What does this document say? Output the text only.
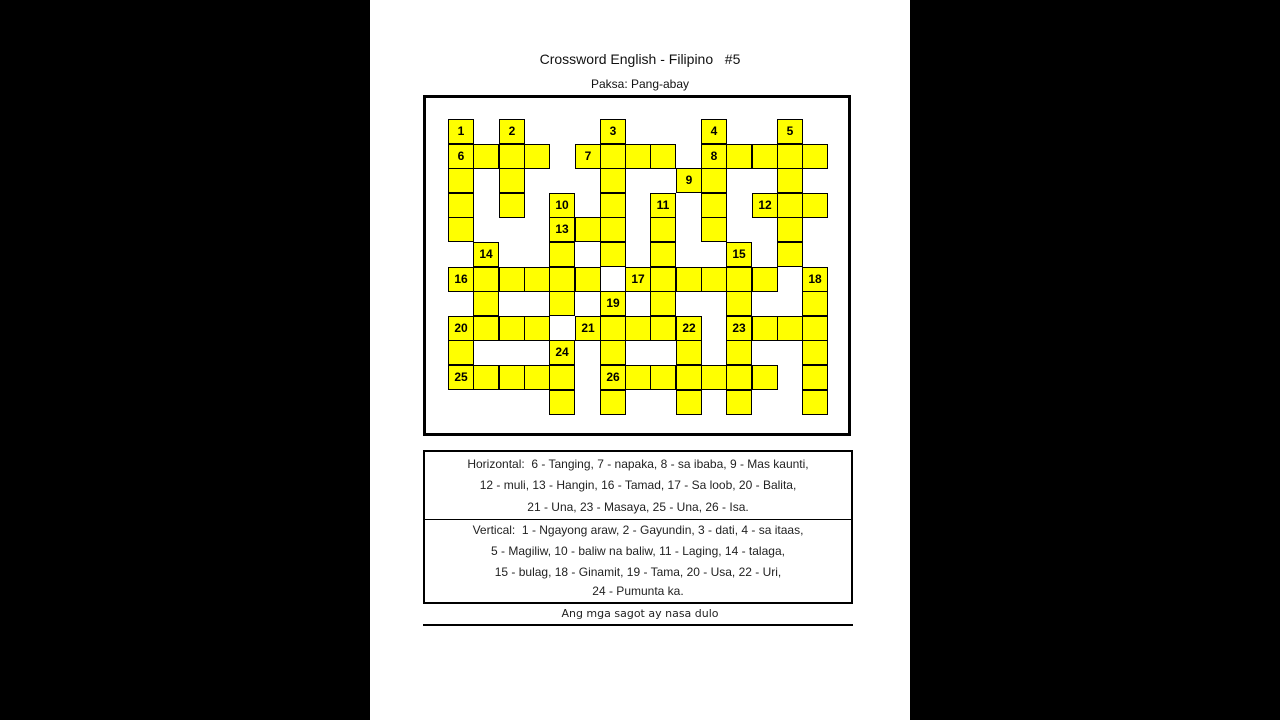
Crossword English - Filipino   #5
Paksa: Pang-abay
1	2	3	4	5
6	7	8
9
10	11	12
13
14	15
16	17	18
19
20	21	22	23
24
25	26
Horizontal:  6 - Tanging, 7 - napaka, 8 - sa ibaba, 9 - Mas kaunti,
12 - muli, 13 - Hangin, 16 - Tamad, 17 - Sa loob, 20 - Balita,
21 - Una, 23 - Masaya, 25 - Una, 26 - Isa.
Vertical:  1 - Ngayong araw, 2 - Gayundin, 3 - dati, 4 - sa itaas,
5 - Magiliw, 10 - baliw na baliw, 11 - Laging, 14 - talaga,
15 - bulag, 18 - Ginamit, 19 - Tama, 20 - Usa, 22 - Uri,
24 - Pumunta ka.
Ang mga sagot ay nasa dulo
